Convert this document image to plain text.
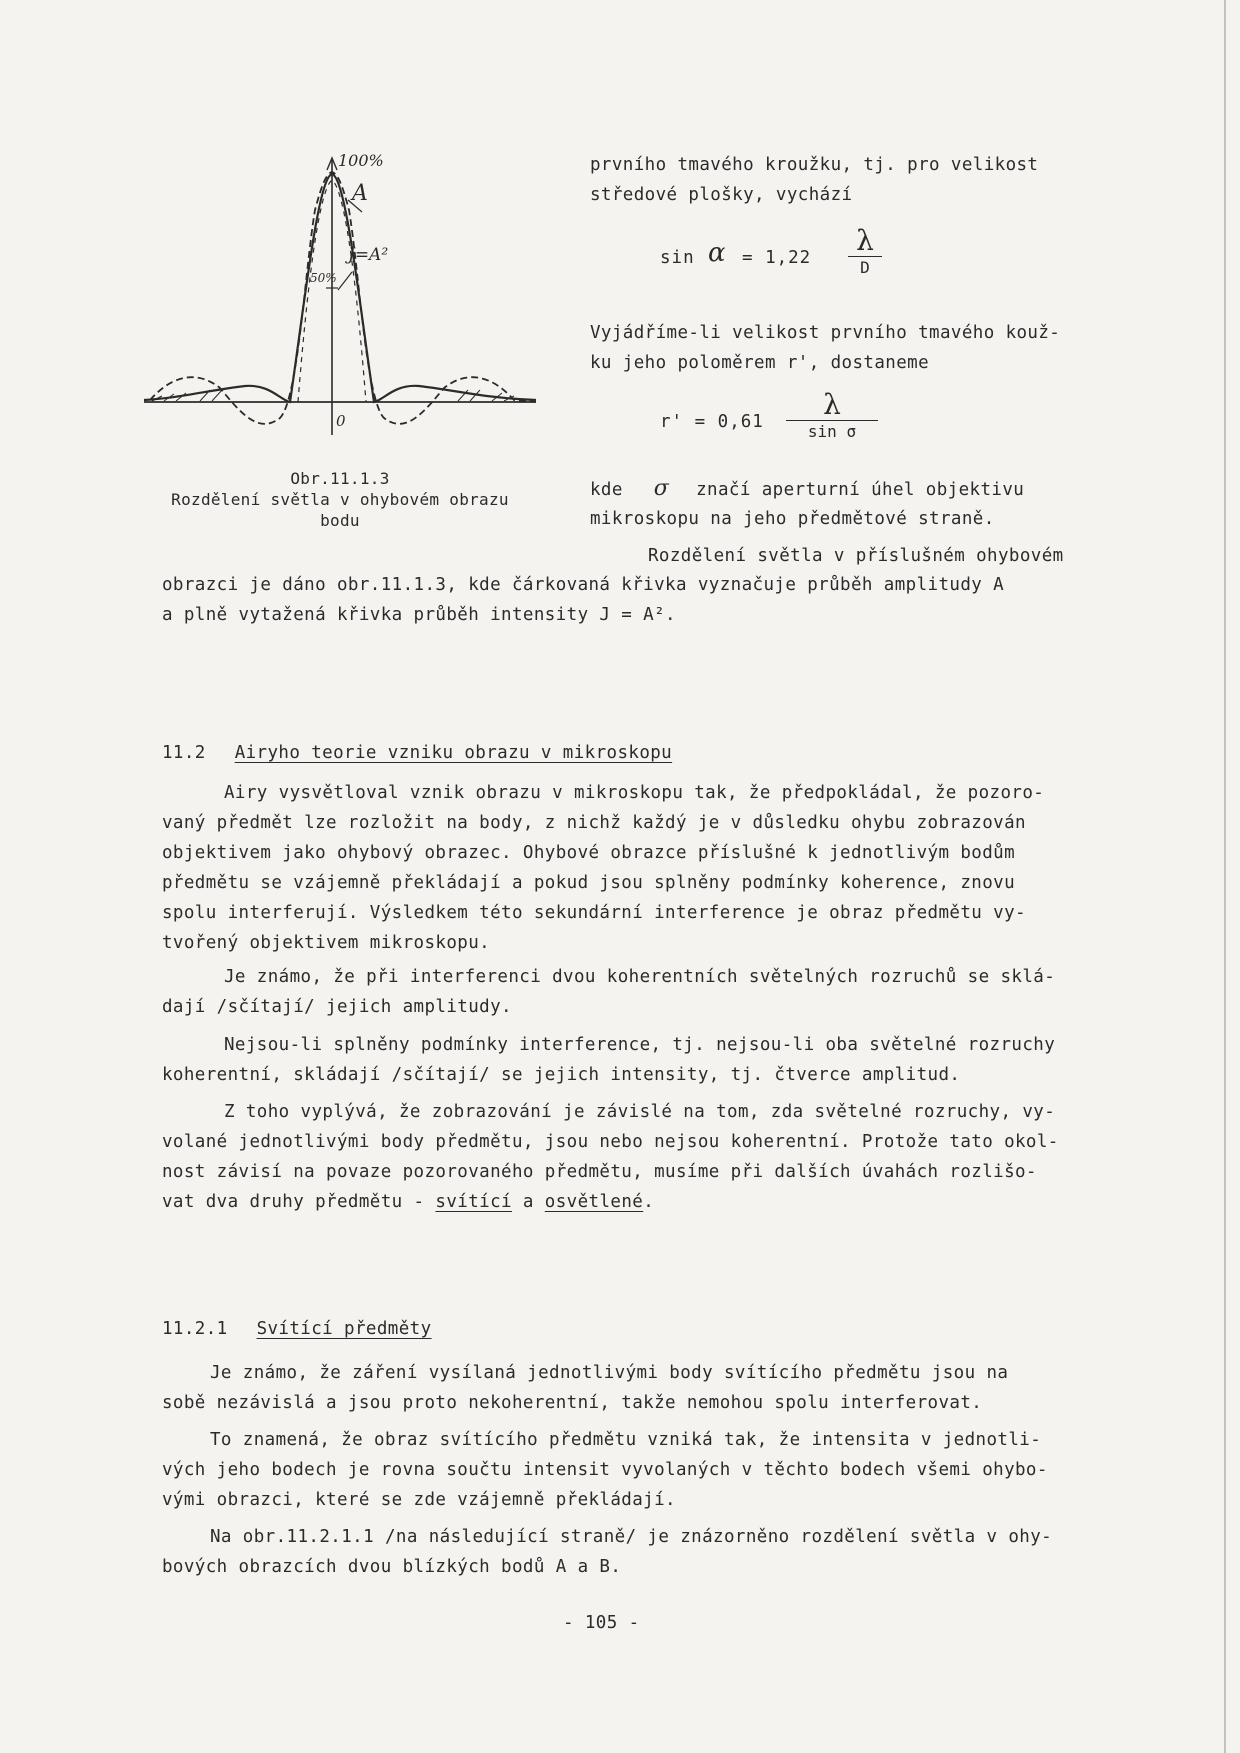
100%
50%
A
J=A²
0
Obr.11.1.3
Rozdělení světla v ohybovém obrazu
bodu
prvního tmavého kroužku, tj. pro velikost
středové plošky, vychází
sin α = 1,22
λ
D
Vyjádříme-li velikost prvního tmavého kouž-
ku jeho poloměrem r', dostaneme
r' = 0,61
λ
sin σ
kde σ značí aperturní úhel objektivu
mikroskopu na jeho předmětové straně.
Rozdělení světla v příslušném ohybovém
obrazci je dáno obr.11.1.3, kde čárkovaná křivka vyznačuje průběh amplitudy A
a plně vytažená křivka průběh intensity J = A².
11.2 Airyho teorie vzniku obrazu v mikroskopu
Airy vysvětloval vznik obrazu v mikroskopu tak, že předpokládal, že pozoro-
vaný předmět lze rozložit na body, z nichž každý je v důsledku ohybu zobrazován
objektivem jako ohybový obrazec. Ohybové obrazce příslušné k jednotlivým bodům
předmětu se vzájemně překládají a pokud jsou splněny podmínky koherence, znovu
spolu interferují. Výsledkem této sekundární interference je obraz předmětu vy-
tvořený objektivem mikroskopu.
Je známo, že při interferenci dvou koherentních světelných rozruchů se sklá-
dají /sčítají/ jejich amplitudy.
Nejsou-li splněny podmínky interference, tj. nejsou-li oba světelné rozruchy
koherentní, skládají /sčítají/ se jejich intensity, tj. čtverce amplitud.
Z toho vyplývá, že zobrazování je závislé na tom, zda světelné rozruchy, vy-
volané jednotlivými body předmětu, jsou nebo nejsou koherentní. Protože tato okol-
nost závisí na povaze pozorovaného předmětu, musíme při dalších úvahách rozlišo-
vat dva druhy předmětu - svítící a osvětlené.
11.2.1 Svítící předměty
Je známo, že záření vysílaná jednotlivými body svítícího předmětu jsou na
sobě nezávislá a jsou proto nekoherentní, takže nemohou spolu interferovat.
To znamená, že obraz svítícího předmětu vzniká tak, že intensita v jednotli-
vých jeho bodech je rovna součtu intensit vyvolaných v těchto bodech všemi ohybo-
vými obrazci, které se zde vzájemně překládají.
Na obr.11.2.1.1 /na následující straně/ je znázorněno rozdělení světla v ohy-
bových obrazcích dvou blízkých bodů A a B.
- 105 -
